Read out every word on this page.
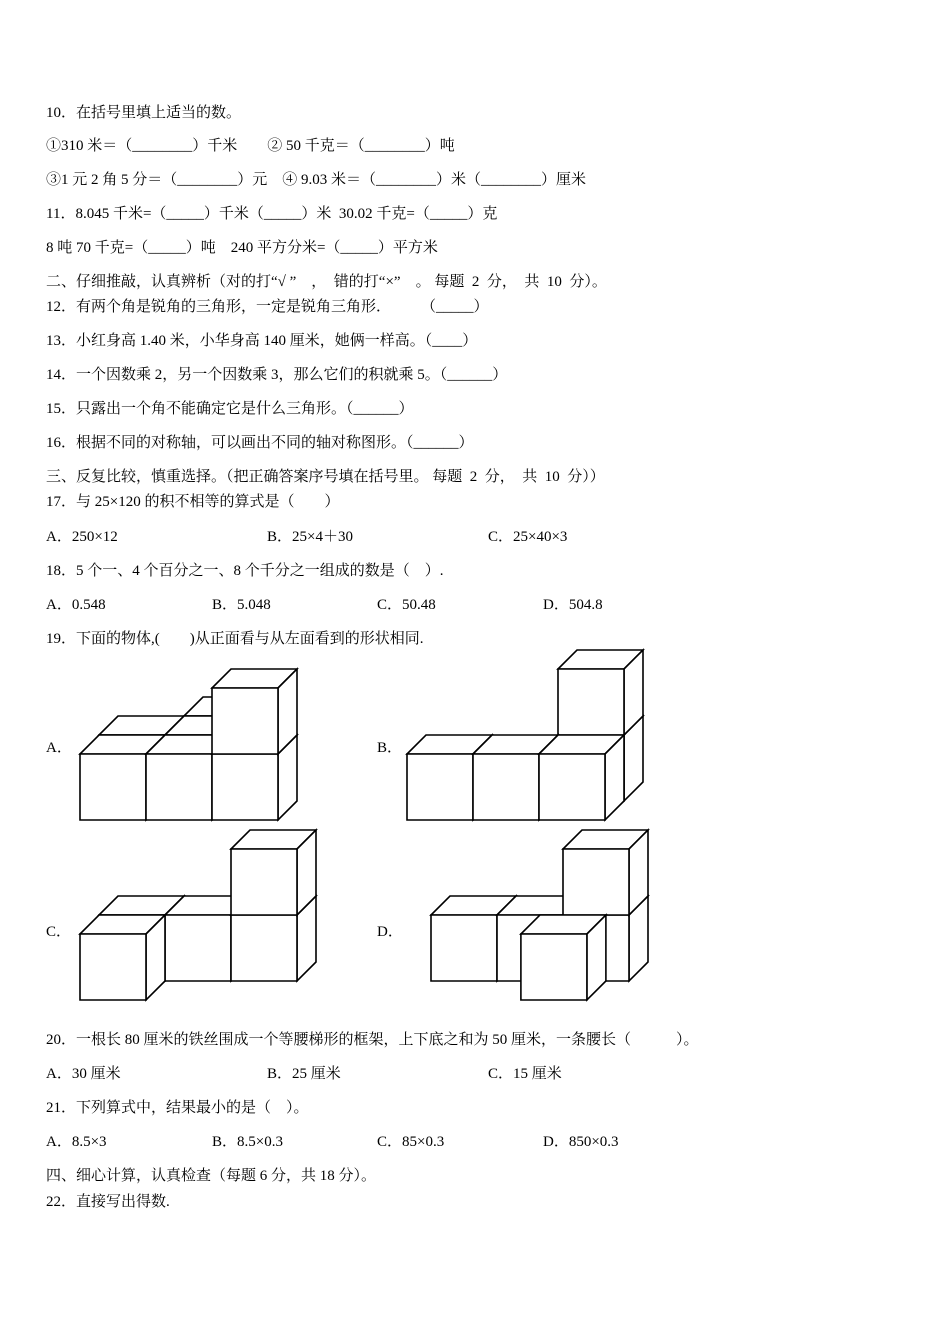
10．在括号里填上适当的数。
①310 米＝（________）千米　　② 50 千克＝（________）吨
③1 元 2 角 5 分＝（________）元　④ 9.03 米＝（________）米（________）厘米
11．8.045 千米=（_____）千米（_____）米  30.02 千克=（_____）克
8 吨 70 千克=（_____）吨　240 平方分米=（_____）平方米
二、仔细推敲，认真辨析（对的打“√ ”　，　错的打“×”　。 每题  2  分，  共  10  分）。
12．有两个角是锐角的三角形，一定是锐角三角形．　　　（_____）
13．小红身高 1.40 米，小华身高 140 厘米，她俩一样高。（____）
14．一个因数乘 2，另一个因数乘 3，那么它们的积就乘 5。（______）
15．只露出一个角不能确定它是什么三角形。（______）
16．根据不同的对称轴，可以画出不同的轴对称图形。（______）
三、反复比较，慎重选择。（把正确答案序号填在括号里。 每题  2  分，  共  10  分））
17．与 25×120 的积不相等的算式是（　　）
A．250×12	B．25×4＋30	C．25×40×3
18．5 个一、4 个百分之一、8 个千分之一组成的数是（　）.
A．0.548	B．5.048	C．50.48	D．504.8
19．下面的物体,(　　)从正面看与从左面看到的形状相同.
A．	B．
C．	D．
20．一根长 80 厘米的铁丝围成一个等腰梯形的框架，上下底之和为 50 厘米，一条腰长（　　　）。
A．30 厘米	B．25 厘米	C．15 厘米
21．下列算式中，结果最小的是（　）。
A．8.5×3	B．8.5×0.3	C．85×0.3	D．850×0.3
四、细心计算，认真检查（每题 6 分，共 18 分）。
22．直接写出得数.
